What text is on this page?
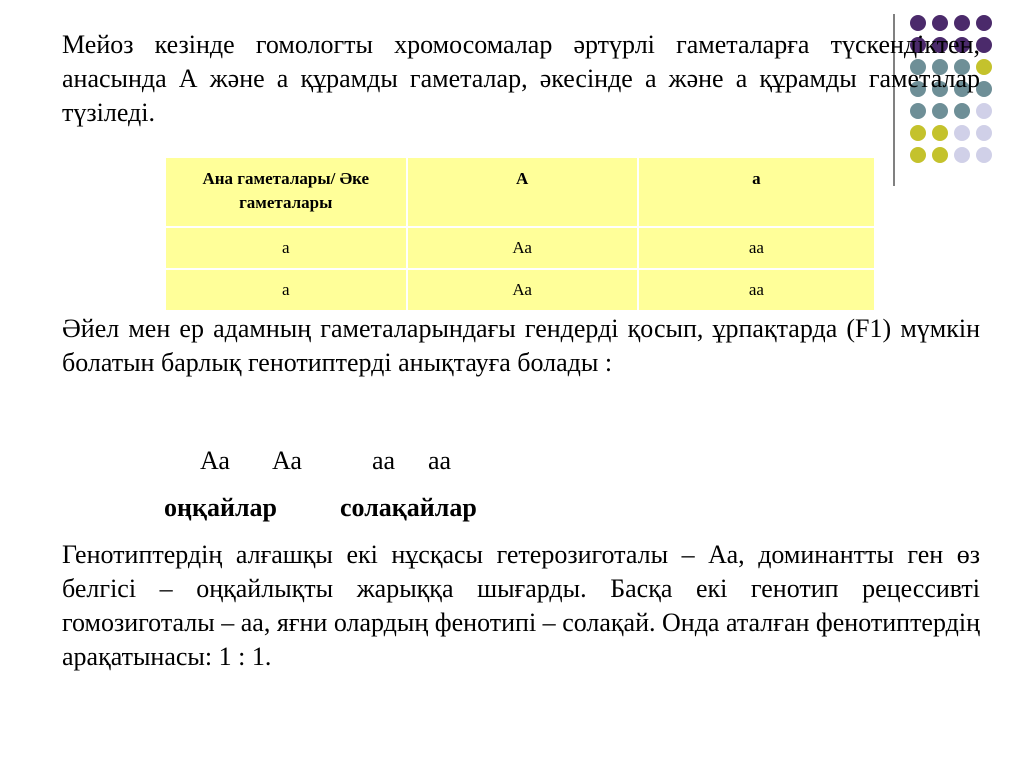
Мейоз кезінде гомологты хромосомалар әртүрлі гаметаларға түскендіктен, анасында А және а құрамды гаметалар, әкесінде а және а құрамды гаметалар түзіледі.

Ана гаметалары/ Әке гаметалары	А	а
а	Аа	аа
а	Аа	аа

Әйел мен ер адамның гаметаларындағы гендерді қосып, ұрпақтарда (F1) мүмкін болатын барлық генотиптерді анықтауға болады :

Аа Аа	аа аа
оңқайлар солақайлар

Генотиптердің алғашқы екі нұсқасы гетерозиготалы – Аа, доминантты ген өз белгісі – оңқайлықты жарыққа шығарды. Басқа екі генотип рецессивті гомозиготалы – аа, яғни олардың фенотипі – солақай. Онда аталған фенотиптердің арақатынасы: 1 : 1.
